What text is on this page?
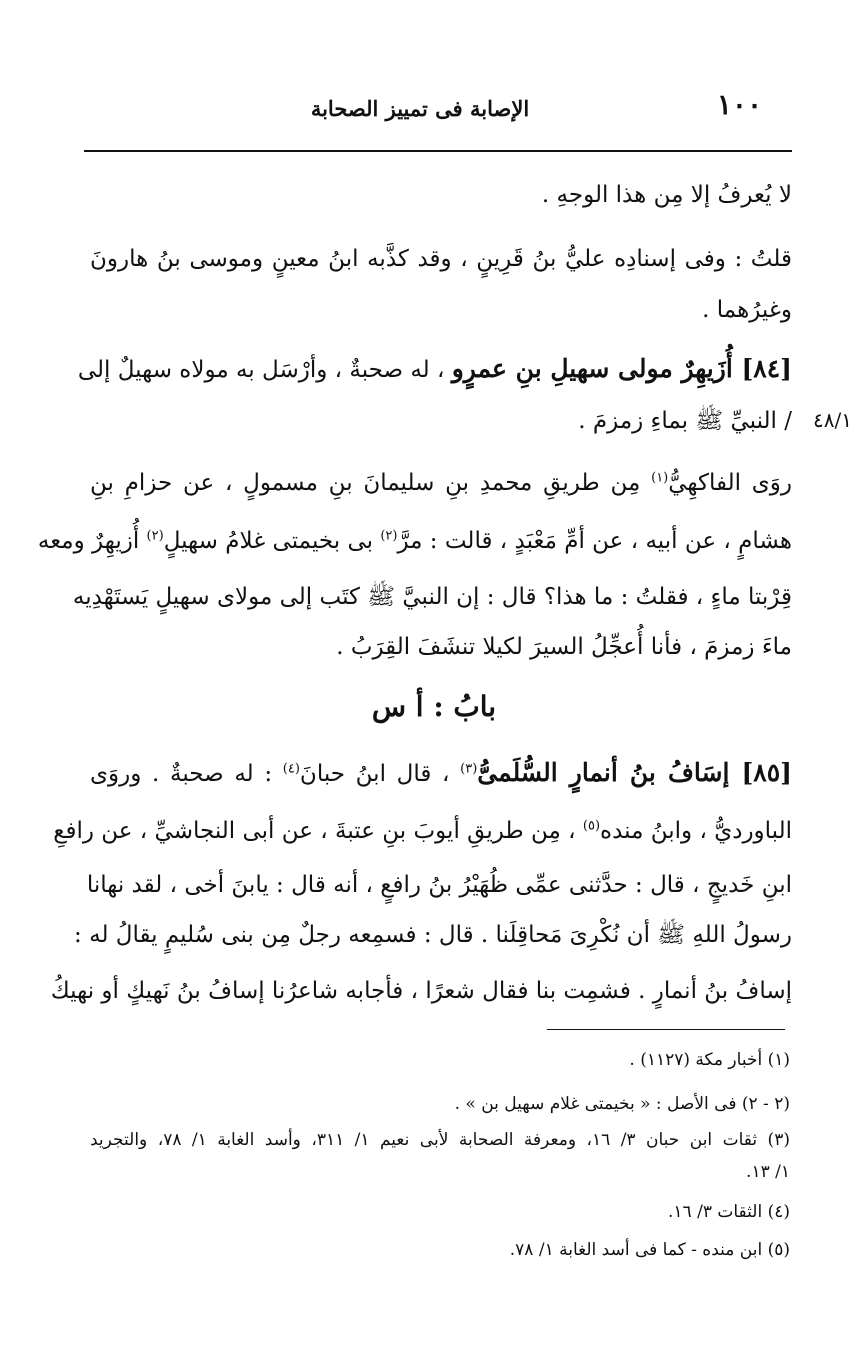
١٠٠
الإصابة فى تمييز الصحابة
لا يُعرفُ إلا مِن هذا الوجهِ .
قلتُ : وفى إسنادِه عليُّ بنُ قَرِينٍ ، وقد كذَّبه ابنُ معينٍ وموسى بنُ هارونَ
وغيرُهما .
[٨٤] أُزَيهِرٌ مولى سهيلِ بنِ عمرٍو ، له صحبةٌ ، وأرْسَل به مولاه سهيلٌ إلى
/ النبيِّ ﷺ بماءِ زمزمَ . ٤٨/١
روَى الفاكهِيُّ$^{(١)}$ مِن طريقِ محمدِ بنِ سليمانَ بنِ مسمولٍ ، عن حزامِ بنِ
هشامٍ ، عن أبيه ، عن أمِّ مَعْبَدٍ ، قالت : مرَّ$^{(٢)}$ بى بخيمتى غلامُ سهيلٍ$^{(٢)}$ أُزيهِرٌ ومعه
قِرْبتا ماءٍ ، فقلتُ : ما هذا؟ قال : إن النبيَّ ﷺ كتَب إلى مولاى سهيلٍ يَستَهْدِيه
ماءَ زمزمَ ، فأنا أُعجِّلُ السيرَ لكيلا تنشَفَ القِرَبُ .
بابُ : أ س
[٨٥] إسَافُ بنُ أنمارٍ السُّلَمىُّ$^{(٣)}$ ، قال ابنُ حبانَ$^{(٤)}$ : له صحبةٌ . وروَى
الباورديُّ ، وابنُ منده$^{(٥)}$ ، مِن طريقِ أيوبَ بنِ عتبةَ ، عن أبى النجاشيِّ ، عن رافعِ
ابنِ خَديجٍ ، قال : حدَّثنى عمِّى ظُهَيْرُ بنُ رافعٍ ، أنه قال : يابنَ أخى ، لقد نهانا
رسولُ اللهِ ﷺ أن نُكْرِىَ مَحاقِلَنا . قال : فسمِعه رجلٌ مِن بنى سُليمٍ يقالُ له :
إسافُ بنُ أنمارٍ . فشمِت بنا فقال شعرًا ، فأجابه شاعرُنا إسافُ بنُ نَهيكٍ أو نهيكُ
(١) أخبار مكة (١١٢٧) .
(٢ - ٢) فى الأصل : « بخيمتى غلام سهيل بن » .
(٣) ثقات ابن حبان ٣/ ١٦، ومعرفة الصحابة لأبى نعيم ١/ ٣١١، وأسد الغابة ١/ ٧٨، والتجريد
١/ ١٣.
(٤) الثقات ٣/ ١٦.
(٥) ابن منده - كما فى أسد الغابة ١/ ٧٨.
